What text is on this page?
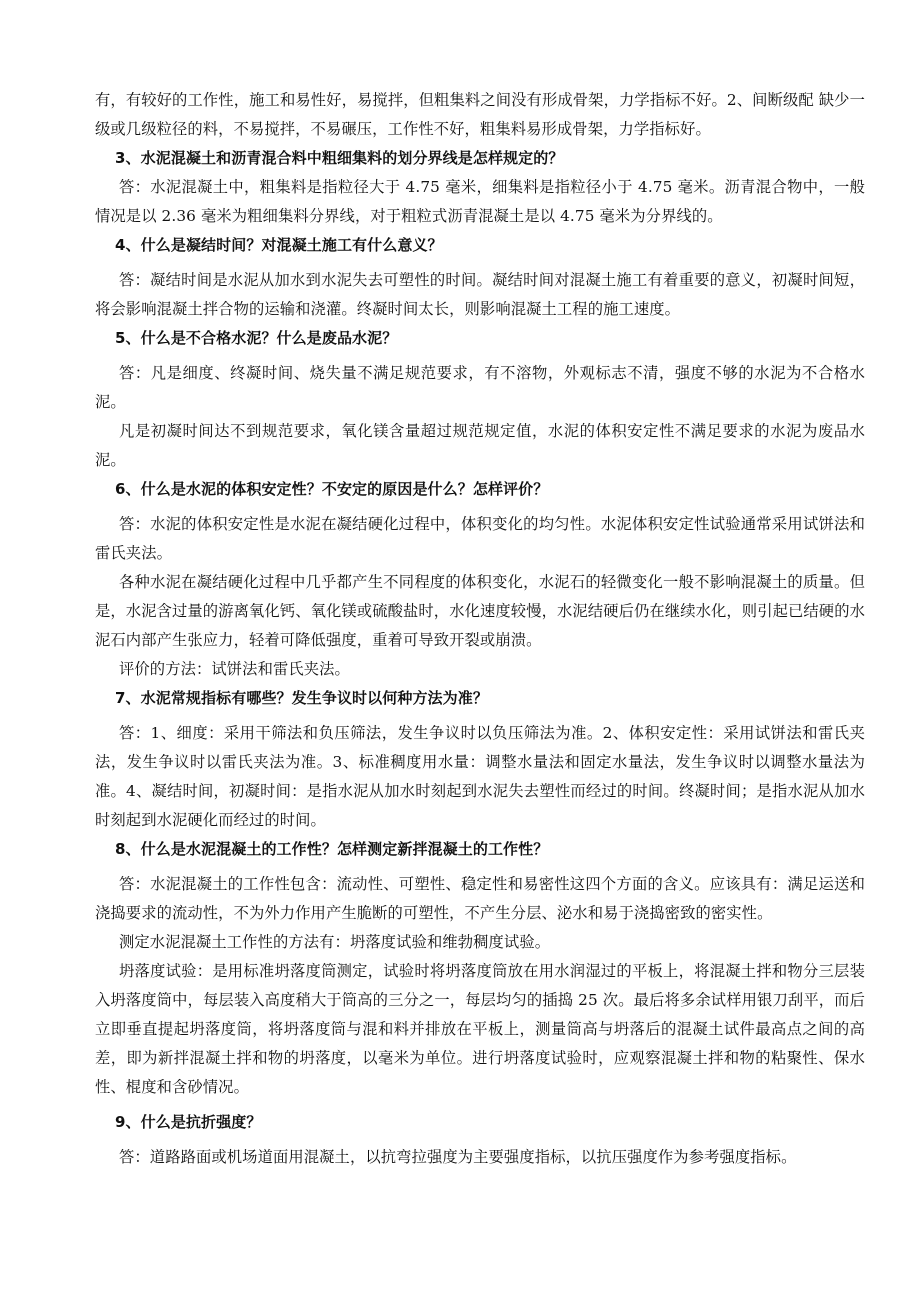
有，有较好的工作性，施工和易性好，易搅拌，但粗集料之间没有形成骨架，力学指标不好。2、间断级配 缺少一级或几级粒径的料，不易搅拌，不易碾压，工作性不好，粗集料易形成骨架，力学指标好。

3、水泥混凝土和沥青混合料中粗细集料的划分界线是怎样规定的？

答：水泥混凝土中，粗集料是指粒径大于 4.75 毫米，细集料是指粒径小于 4.75 毫米。沥青混合物中，一般情况是以 2.36 毫米为粗细集料分界线，对于粗粒式沥青混凝土是以 4.75 毫米为分界线的。

4、什么是凝结时间？对混凝土施工有什么意义？

答：凝结时间是水泥从加水到水泥失去可塑性的时间。凝结时间对混凝土施工有着重要的意义，初凝时间短，将会影响混凝土拌合物的运输和浇灌。终凝时间太长，则影响混凝土工程的施工速度。

5、什么是不合格水泥？什么是废品水泥？

答：凡是细度、终凝时间、烧失量不满足规范要求，有不溶物，外观标志不清，强度不够的水泥为不合格水泥。

凡是初凝时间达不到规范要求，氧化镁含量超过规范规定值，水泥的体积安定性不满足要求的水泥为废品水泥。

6、什么是水泥的体积安定性？不安定的原因是什么？怎样评价？

答：水泥的体积安定性是水泥在凝结硬化过程中，体积变化的均匀性。水泥体积安定性试验通常采用试饼法和雷氏夹法。

各种水泥在凝结硬化过程中几乎都产生不同程度的体积变化，水泥石的轻微变化一般不影响混凝土的质量。但是，水泥含过量的游离氧化钙、氧化镁或硫酸盐时，水化速度较慢，水泥结硬后仍在继续水化，则引起已结硬的水泥石内部产生张应力，轻着可降低强度，重着可导致开裂或崩溃。

评价的方法：试饼法和雷氏夹法。

7、水泥常规指标有哪些？发生争议时以何种方法为准？

答：1、细度：采用干筛法和负压筛法，发生争议时以负压筛法为准。2、体积安定性：采用试饼法和雷氏夹法，发生争议时以雷氏夹法为准。3、标准稠度用水量：调整水量法和固定水量法，发生争议时以调整水量法为准。4、凝结时间，初凝时间：是指水泥从加水时刻起到水泥失去塑性而经过的时间。终凝时间；是指水泥从加水时刻起到水泥硬化而经过的时间。

8、什么是水泥混凝土的工作性？怎样测定新拌混凝土的工作性？

答：水泥混凝土的工作性包含：流动性、可塑性、稳定性和易密性这四个方面的含义。应该具有：满足运送和浇捣要求的流动性，不为外力作用产生脆断的可塑性，不产生分层、泌水和易于浇捣密致的密实性。

测定水泥混凝土工作性的方法有：坍落度试验和维勃稠度试验。

坍落度试验：是用标准坍落度筒测定，试验时将坍落度筒放在用水润湿过的平板上，将混凝土拌和物分三层装入坍落度筒中，每层装入高度稍大于筒高的三分之一，每层均匀的插捣 25 次。最后将多余试样用银刀刮平，而后立即垂直提起坍落度筒，将坍落度筒与混和料并排放在平板上，测量筒高与坍落后的混凝土试件最高点之间的高差，即为新拌混凝土拌和物的坍落度，以毫米为单位。进行坍落度试验时，应观察混凝土拌和物的粘聚性、保水性、棍度和含砂情况。

9、什么是抗折强度？

答：道路路面或机场道面用混凝土，以抗弯拉强度为主要强度指标，以抗压强度作为参考强度指标。
